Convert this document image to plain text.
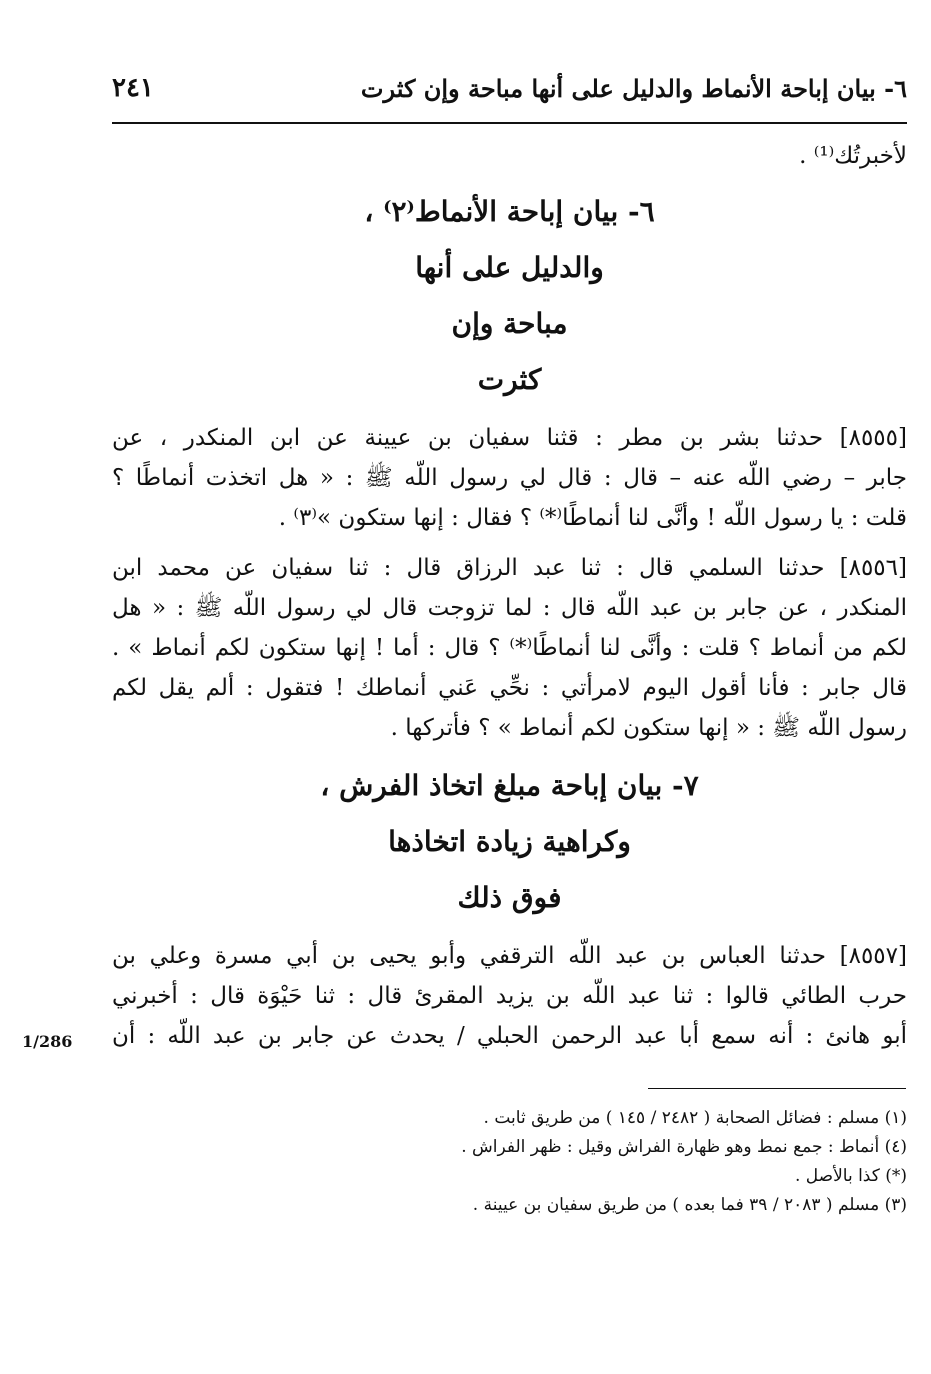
٦- بيان إباحة الأنماط والدليل على أنها مباحة وإن كثرت
٢٤١
لأخبرتُك⁽¹⁾ .
٦- بيان إباحة الأنماط⁽٢⁾ ،
والدليل على أنها
مباحة وإن
كثرت
[٨٥٥٥] حدثنا بشر بن مطر : قثنا سفيان بن عيينة عن ابن المنكدر ، عن
جابر – رضي اللّه عنه – قال : قال لي رسول اللّه ﷺ : « هل اتخذت أنماطًا ؟
قلت : يا رسول اللّه ! وأنَّى لنا أنماطًا⁽*⁾ ؟ فقال : إنها ستكون »⁽٣⁾ .
[٨٥٥٦] حدثنا السلمي قال : ثنا عبد الرزاق قال : ثنا سفيان عن محمد ابن
المنكدر ، عن جابر بن عبد اللّه قال : لما تزوجت قال لي رسول اللّه ﷺ : « هل
لكم من أنماط ؟ قلت : وأنَّى لنا أنماطًا⁽*⁾ ؟ قال : أما ! إنها ستكون لكم أنماط » .
قال جابر : فأنا أقول اليوم لامرأتي : نحِّي عَني أنماطك ! فتقول : ألم يقل لكم
رسول اللّه ﷺ : « إنها ستكون لكم أنماط » ؟ فأتركها .
٧- بيان إباحة مبلغ اتخاذ الفرش ،
وكراهية زيادة اتخاذها
فوق ذلك
[٨٥٥٧] حدثنا العباس بن عبد اللّه الترقفي وأبو يحيى بن أبي مسرة وعلي بن
حرب الطائي قالوا : ثنا عبد اللّه بن يزيد المقرئ قال : ثنا حَيْوَة قال : أخبرني
أبو هانئ : أنه سمع أبا عبد الرحمن الحبلي / يحدث عن جابر بن عبد اللّه : أن
1/286
(١) مسلم : فضائل الصحابة ( ٢٤٨٢ / ١٤٥ ) من طريق ثابت .
(٤) أنماط : جمع نمط وهو ظهارة الفراش وقيل : ظهر الفراش .
(*) كذا بالأصل .
(٣) مسلم ( ٢٠٨٣ / ٣٩ فما بعده ) من طريق سفيان بن عيينة .
